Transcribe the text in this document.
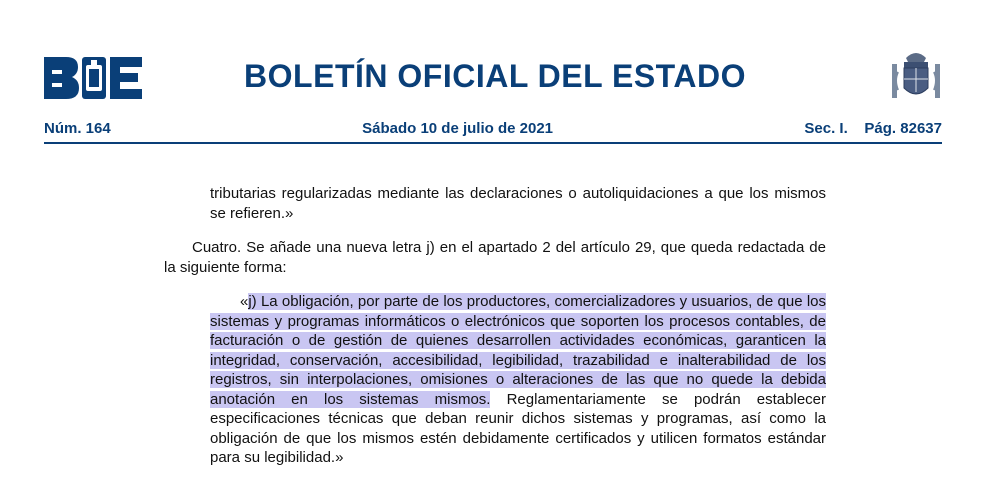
BOLETÍN OFICIAL DEL ESTADO
Núm. 164	Sábado 10 de julio de 2021	Sec. I. Pág. 82637
tributarias regularizadas mediante las declaraciones o autoliquidaciones a que los mismos se refieren.»
Cuatro. Se añade una nueva letra j) en el apartado 2 del artículo 29, que queda redactada de la siguiente forma:
«j) La obligación, por parte de los productores, comercializadores y usuarios, de que los sistemas y programas informáticos o electrónicos que soporten los procesos contables, de facturación o de gestión de quienes desarrollen actividades económicas, garanticen la integridad, conservación, accesibilidad, legibilidad, trazabilidad e inalterabilidad de los registros, sin interpolaciones, omisiones o alteraciones de las que no quede la debida anotación en los sistemas mismos. Reglamentariamente se podrán establecer especificaciones técnicas que deban reunir dichos sistemas y programas, así como la obligación de que los mismos estén debidamente certificados y utilicen formatos estándar para su legibilidad.»
